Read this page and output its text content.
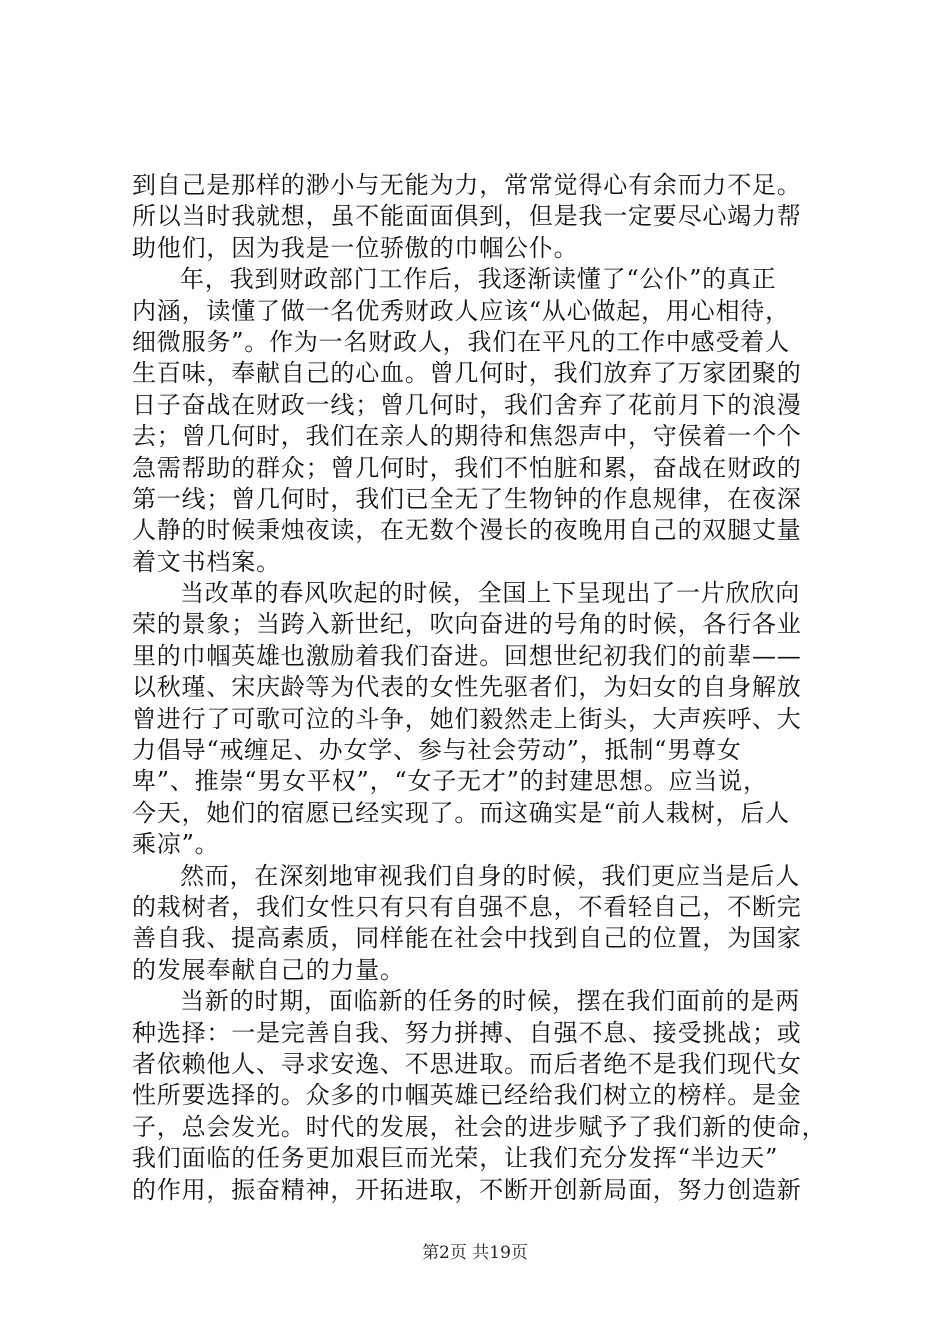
到自己是那样的渺小与无能为力，常常觉得心有余而力不足。
所以当时我就想，虽不能面面俱到，但是我一定要尽心竭力帮
助他们，因为我是一位骄傲的巾帼公仆。
年，我到财政部门工作后，我逐渐读懂了“公仆”的真正
内涵，读懂了做一名优秀财政人应该“从心做起，用心相待，
细微服务”。作为一名财政人，我们在平凡的工作中感受着人
生百味，奉献自己的心血。曾几何时，我们放弃了万家团聚的
日子奋战在财政一线；曾几何时，我们舍弃了花前月下的浪漫
去；曾几何时，我们在亲人的期待和焦怨声中，守侯着一个个
急需帮助的群众；曾几何时，我们不怕脏和累，奋战在财政的
第一线；曾几何时，我们已全无了生物钟的作息规律，在夜深
人静的时候秉烛夜读，在无数个漫长的夜晚用自己的双腿丈量
着文书档案。
当改革的春风吹起的时候，全国上下呈现出了一片欣欣向
荣的景象；当跨入新世纪，吹向奋进的号角的时候，各行各业
里的巾帼英雄也激励着我们奋进。回想世纪初我们的前辈——
以秋瑾、宋庆龄等为代表的女性先驱者们，为妇女的自身解放
曾进行了可歌可泣的斗争，她们毅然走上街头，大声疾呼、大
力倡导“戒缠足、办女学、参与社会劳动”，抵制“男尊女
卑”、推崇“男女平权”，“女子无才”的封建思想。应当说，
今天，她们的宿愿已经实现了。而这确实是“前人栽树，后人
乘凉”。
然而，在深刻地审视我们自身的时候，我们更应当是后人
的栽树者，我们女性只有只有自强不息，不看轻自己，不断完
善自我、提高素质，同样能在社会中找到自己的位置，为国家
的发展奉献自己的力量。
当新的时期，面临新的任务的时候，摆在我们面前的是两
种选择：一是完善自我、努力拼搏、自强不息、接受挑战；或
者依赖他人、寻求安逸、不思进取。而后者绝不是我们现代女
性所要选择的。众多的巾帼英雄已经给我们树立的榜样。是金
子，总会发光。时代的发展，社会的进步赋予了我们新的使命，
我们面临的任务更加艰巨而光荣，让我们充分发挥“半边天”
的作用，振奋精神，开拓进取，不断开创新局面，努力创造新
第2页 共19页
